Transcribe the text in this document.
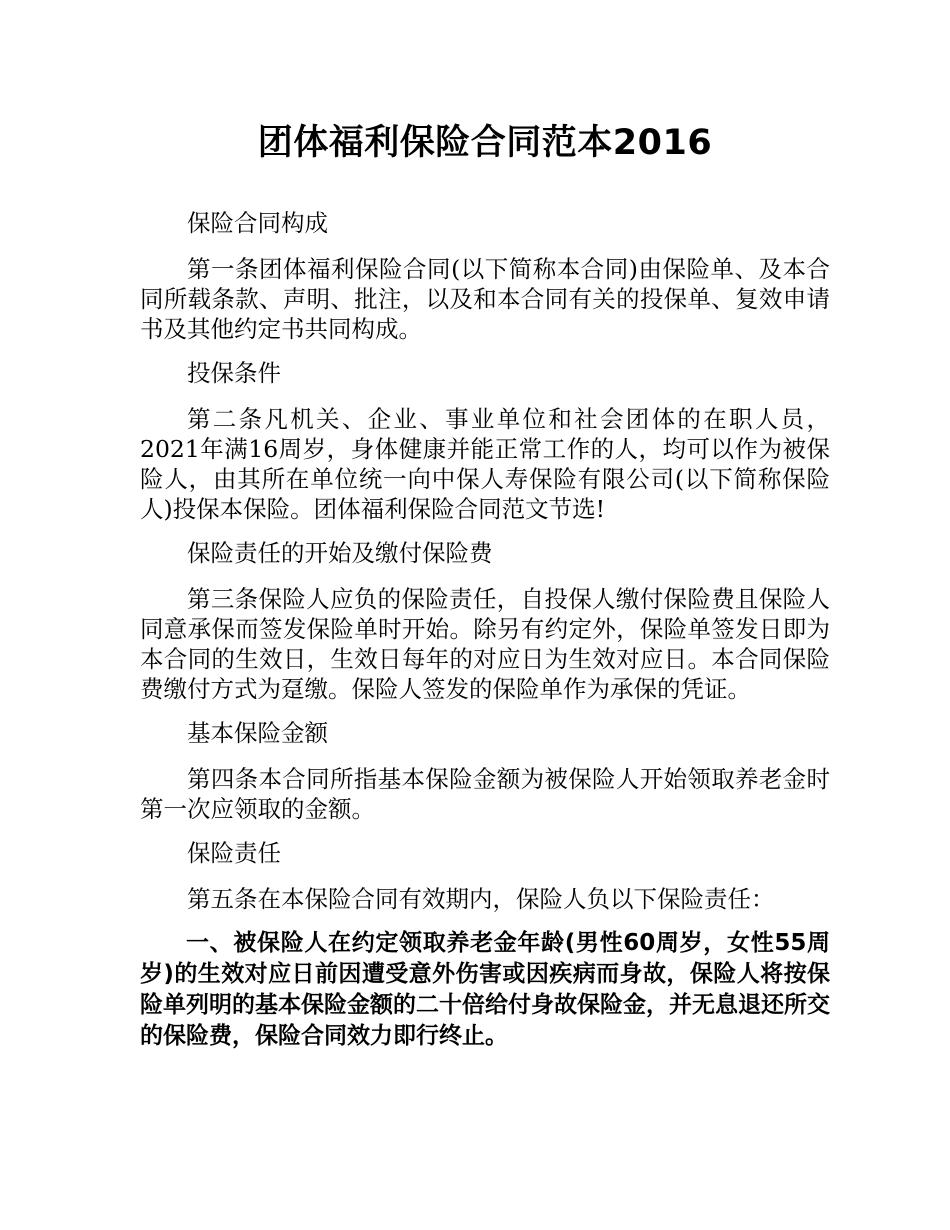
团体福利保险合同范本2016

保险合同构成

第一条团体福利保险合同(以下简称本合同)由保险单、及本合同所载条款、声明、批注，以及和本合同有关的投保单、复效申请书及其他约定书共同构成。

投保条件

第二条凡机关、企业、事业单位和社会团体的在职人员，2021年满16周岁，身体健康并能正常工作的人，均可以作为被保险人，由其所在单位统一向中保人寿保险有限公司(以下简称保险人)投保本保险。团体福利保险合同范文节选!

保险责任的开始及缴付保险费

第三条保险人应负的保险责任，自投保人缴付保险费且保险人同意承保而签发保险单时开始。除另有约定外，保险单签发日即为本合同的生效日，生效日每年的对应日为生效对应日。本合同保险费缴付方式为趸缴。保险人签发的保险单作为承保的凭证。

基本保险金额

第四条本合同所指基本保险金额为被保险人开始领取养老金时第一次应领取的金额。

保险责任

第五条在本保险合同有效期内，保险人负以下保险责任：

一、被保险人在约定领取养老金年龄(男性60周岁，女性55周岁)的生效对应日前因遭受意外伤害或因疾病而身故，保险人将按保险单列明的基本保险金额的二十倍给付身故保险金，并无息退还所交的保险费，保险合同效力即行终止。
